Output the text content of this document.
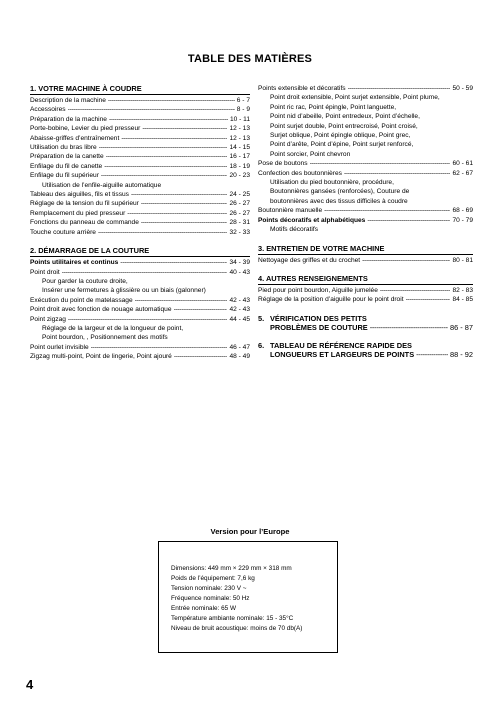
TABLE DES MATIÈRES
1. VOTRE MACHINE À COUDRE
Description de la machine -----	6 - 7
Accessoires -----	8 - 9
Préparation de la machine -----	10 - 11
Porte-bobine, Levier du pied presseur -----	12 - 13
Abaisse-griffes d’entraînement -----	12 - 13
Utilisation du bras libre -----	14 - 15
Préparation de la canette -----	16 - 17
Enfilage du fil de canette -----	18 - 19
Enfilage du fil supérieur -----	20 - 23
Utilisation de l’enfile-aiguille automatique
Tableau des aiguilles, fils et tissus -----	24 - 25
Réglage de la tension du fil supérieur -----	26 - 27
Remplacement du pied presseur -----	26 - 27
Fonctions du panneau de commande -----	28 - 31
Touche couture arrière -----	32 - 33
2. DÉMARRAGE DE LA COUTURE
Points utilitaires et continus -----	34 - 39
Point droit -----	40 - 43
Pour garder la couture droite,
Insérer une fermetures à glissière ou un biais (galonner)
Exécution du point de matelassage -----	42 - 43
Point droit avec fonction de nouage automatique -----	42 - 43
Point zigzag -----	44 - 45
Réglage de la largeur et de la longueur de point,
Point bourdon, , Positionnement des motifs
Point ourlet invisible -----	46 - 47
Zigzag multi-point, Point de lingerie, Point ajouré -----	48 - 49
Points extensible et décoratifs -----	50 - 59
Point droit extensible, Point surjet extensible, Point plume,
Point ric rac, Point épingle, Point languette,
Point nid d’abeille, Point entredeux, Point d’échelle,
Point surjet double, Point entrecroisé, Point croisé,
Surjet oblique, Point épingle oblique, Point grec,
Point d’arête, Point d’épine, Point surjet renforcé,
Point sorcier, Point chevron
Pose de boutons -----	60 - 61
Confection des boutonnières -----	62 - 67
Utilisation du pied boutonnière, procédure,
Boutonnières gansées (renforcées), Couture de
boutonnières avec des tissus difficiles à coudre
Boutonnière manuelle -----	68 - 69
Points décoratifs et alphabétiques -----	70 - 79
Motifs décoratifs
3. ENTRETIEN DE VOTRE MACHINE
Nettoyage des griffes et du crochet -----	80 - 81
4. AUTRES RENSEIGNEMENTS
Pied pour point bourdon, Aiguille jumelée -----	82 - 83
Réglage de la position d’aiguille pour le point droit -----	84 - 85
5. VÉRIFICATION DES PETITS
PROBLÈMES DE COUTURE -----	86 - 87
6. TABLEAU DE RÉFÉRENCE RAPIDE DES
LONGUEURS ET LARGEURS DE POINTS -----	88 - 92
Version pour l’Europe
Dimensions: 449 mm × 229 mm × 318 mm
Poids de l’équipement: 7,6 kg
Tension nominale: 230 V ~
Fréquence nominale: 50 Hz
Entrée nominale: 65 W
Température ambiante nominale: 15 - 35°C
Niveau de bruit acoustique: moins de 70 db(A)
4
